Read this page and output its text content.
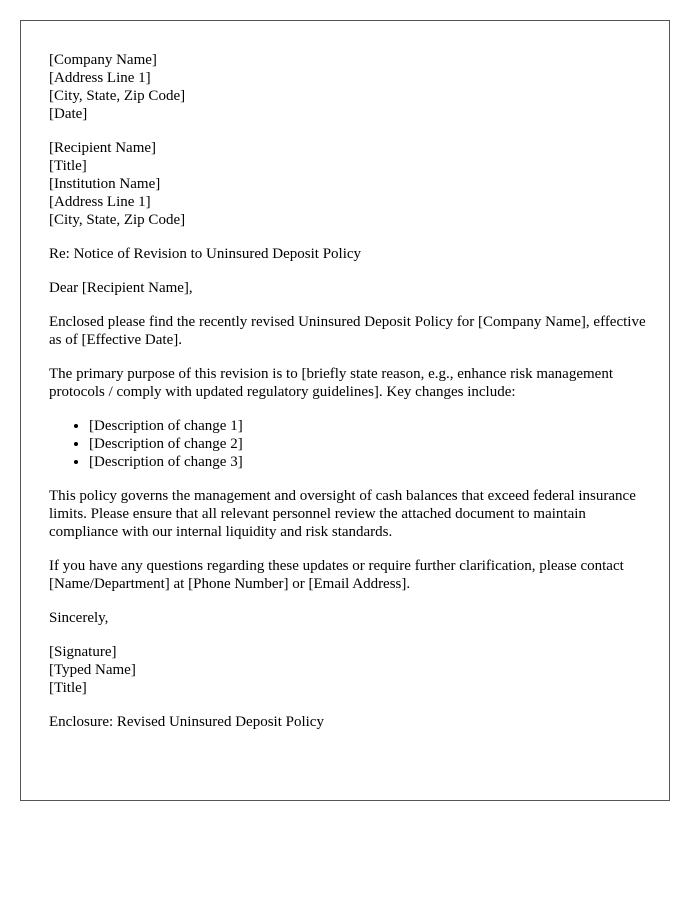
[Company Name]
[Address Line 1]
[City, State, Zip Code]
[Date]
[Recipient Name]
[Title]
[Institution Name]
[Address Line 1]
[City, State, Zip Code]

Re: Notice of Revision to Uninsured Deposit Policy

Dear [Recipient Name],

Enclosed please find the recently revised Uninsured Deposit Policy for [Company Name], effective as of [Effective Date].

The primary purpose of this revision is to [briefly state reason, e.g., enhance risk management protocols / comply with updated regulatory guidelines]. Key changes include:

• [Description of change 1]
• [Description of change 2]
• [Description of change 3]

This policy governs the management and oversight of cash balances that exceed federal insurance limits. Please ensure that all relevant personnel review the attached document to maintain compliance with our internal liquidity and risk standards.

If you have any questions regarding these updates or require further clarification, please contact [Name/Department] at [Phone Number] or [Email Address].

Sincerely,

[Signature]
[Typed Name]
[Title]

Enclosure: Revised Uninsured Deposit Policy
